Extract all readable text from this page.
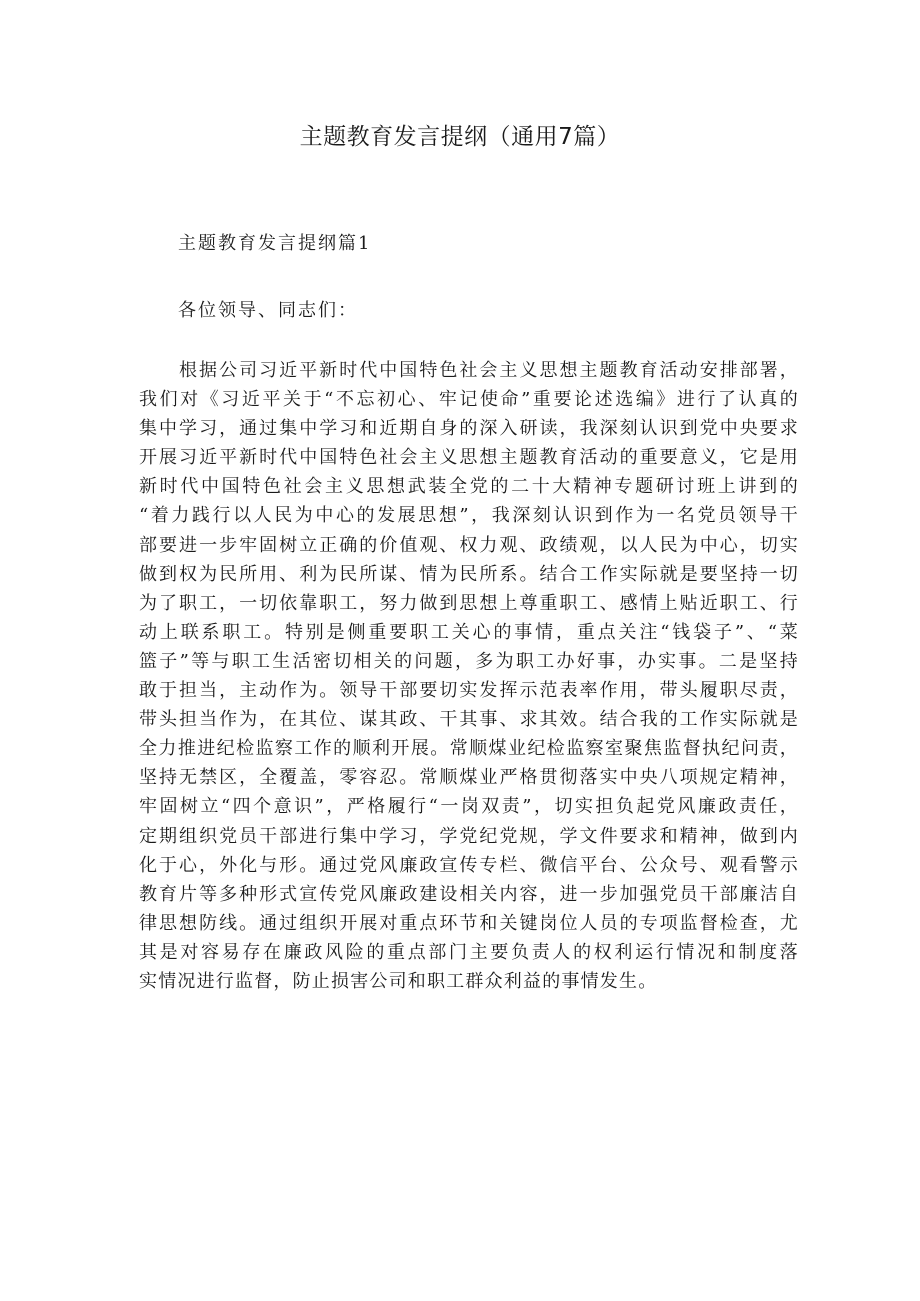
主题教育发言提纲（通用7篇）

主题教育发言提纲篇1

各位领导、同志们：

根据公司习近平新时代中国特色社会主义思想主题教育活动安排部署，
我们对《习近平关于“不忘初心、牢记使命”重要论述选编》进行了认真的
集中学习，通过集中学习和近期自身的深入研读，我深刻认识到党中央要求
开展习近平新时代中国特色社会主义思想主题教育活动的重要意义，它是用
新时代中国特色社会主义思想武装全党的二十大精神专题研讨班上讲到的
“着力践行以人民为中心的发展思想”，我深刻认识到作为一名党员领导干
部要进一步牢固树立正确的价值观、权力观、政绩观，以人民为中心，切实
做到权为民所用、利为民所谋、情为民所系。结合工作实际就是要坚持一切
为了职工，一切依靠职工，努力做到思想上尊重职工、感情上贴近职工、行
动上联系职工。特别是侧重要职工关心的事情，重点关注“钱袋子”、“菜
篮子”等与职工生活密切相关的问题，多为职工办好事，办实事。二是坚持
敢于担当，主动作为。领导干部要切实发挥示范表率作用，带头履职尽责，
带头担当作为，在其位、谋其政、干其事、求其效。结合我的工作实际就是
全力推进纪检监察工作的顺利开展。常顺煤业纪检监察室聚焦监督执纪问责，
坚持无禁区，全覆盖，零容忍。常顺煤业严格贯彻落实中央八项规定精神，
牢固树立“四个意识”，严格履行“一岗双责”，切实担负起党风廉政责任，
定期组织党员干部进行集中学习，学党纪党规，学文件要求和精神，做到内
化于心，外化与形。通过党风廉政宣传专栏、微信平台、公众号、观看警示
教育片等多种形式宣传党风廉政建设相关内容，进一步加强党员干部廉洁自
律思想防线。通过组织开展对重点环节和关键岗位人员的专项监督检查，尤
其是对容易存在廉政风险的重点部门主要负责人的权利运行情况和制度落
实情况进行监督，防止损害公司和职工群众利益的事情发生。
